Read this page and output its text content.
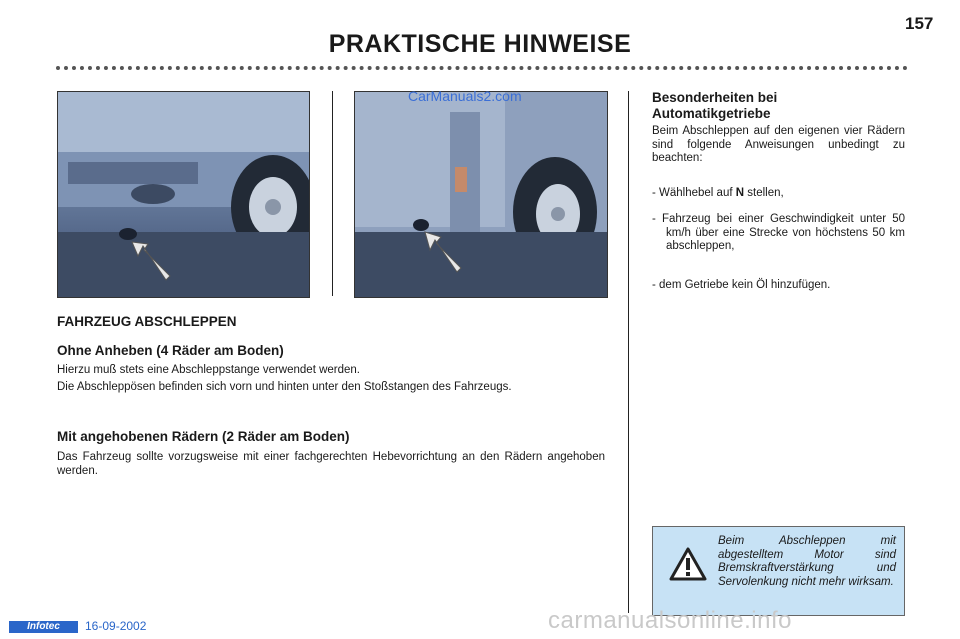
157
PRAKTISCHE HINWEISE
CarManuals2.com
FAHRZEUG ABSCHLEPPEN
Ohne Anheben (4 Räder am Boden)
Hierzu muß stets eine Abschleppstange verwendet werden.
Die Abschleppösen befinden sich vorn und hinten unter den Stoßstangen des Fahrzeugs.
Mit angehobenen Rädern (2 Räder am Boden)
Das Fahrzeug sollte vorzugsweise mit einer fachgerechten Hebevorrichtung an den Rädern angehoben werden.
Besonderheiten bei Automatikgetriebe
Beim Abschleppen auf den eigenen vier Rädern sind folgende Anweisungen unbedingt zu beachten:
- Wählhebel auf N stellen,
- Fahrzeug bei einer Geschwindigkeit unter 50 km/h über eine Strecke von höchstens 50 km abschleppen,
- dem Getriebe kein Öl hinzufügen.
Beim Abschleppen mit abgestelltem Motor sind Bremskraftverstärkung und Servolenkung nicht mehr wirksam.
Infotec	16-09-2002	carmanualsonline.info
